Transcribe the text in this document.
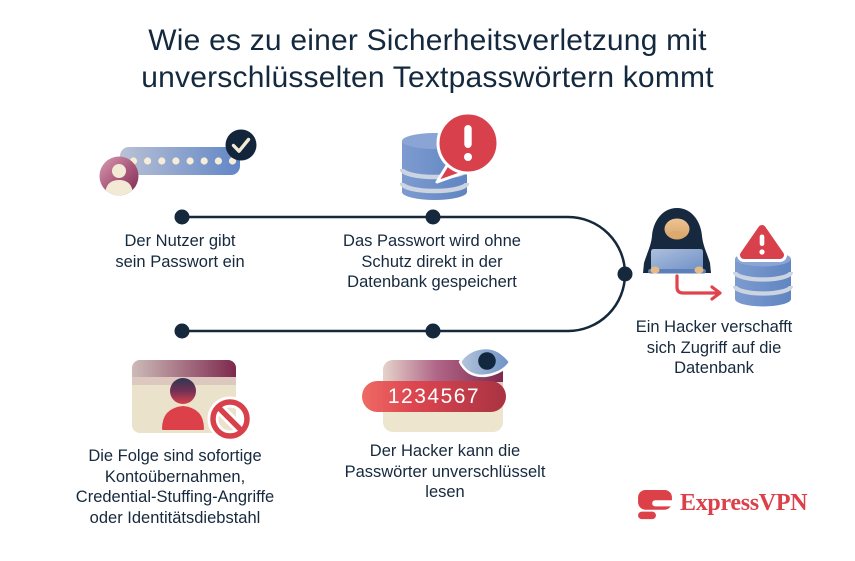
Wie es zu einer Sicherheitsverletzung mit unverschlüsselten Textpasswörtern kommt
1234567
Der Nutzer gibt
sein Passwort ein
Das Passwort wird ohne
Schutz direkt in der
Datenbank gespeichert
Ein Hacker verschafft
sich Zugriff auf die
Datenbank
Der Hacker kann die
Passwörter unverschlüsselt
lesen
Die Folge sind sofortige
Kontoübernahmen,
Credential-Stuffing-Angriffe
oder Identitätsdiebstahl
ExpressVPN
